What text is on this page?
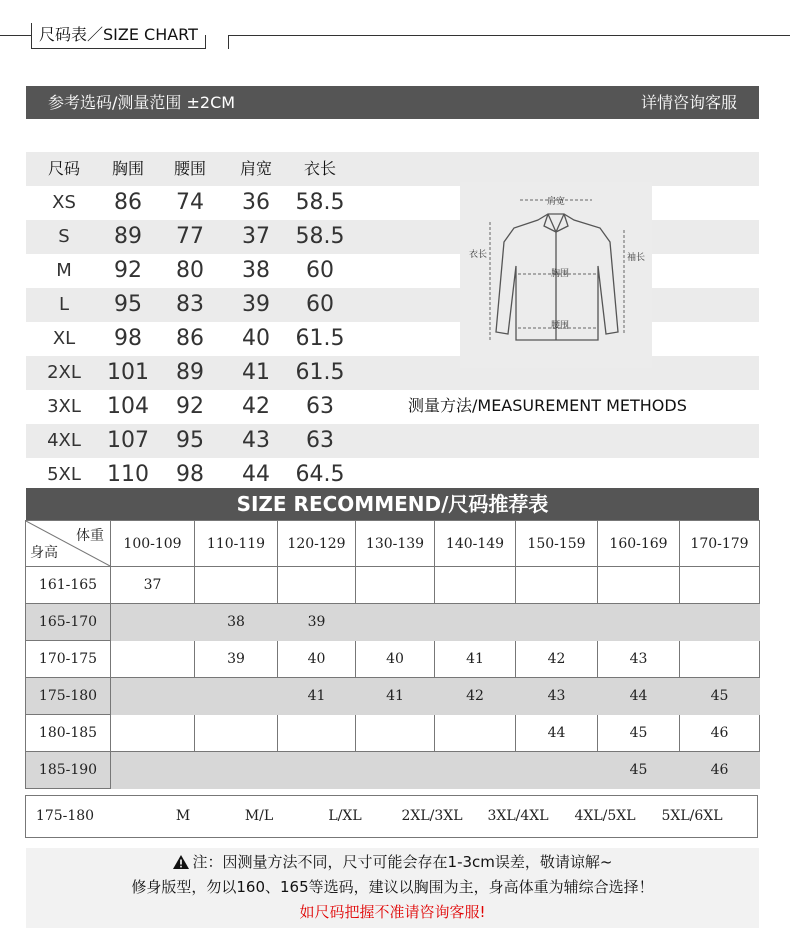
尺码表／SIZE CHART
参考选码/测量范围 ±2CM	详情咨询客服
尺码	胸围	腰围	肩宽	衣长
XS	86	74	36	58.5
S	89	77	37	58.5
M	92	80	38	60
L	95	83	39	60
XL	98	86	40	61.5
2XL	101	89	41	61.5
3XL	104	92	42	63
4XL	107	95	43	63
5XL	110	98	44	64.5
肩宽
衣长	袖长
胸围
腰围
测量方法/MEASUREMENT METHODS
SIZE RECOMMEND/尺码推荐表
体重
身高	100-109	110-119	120-129	130-139	140-149	150-159	160-169	170-179
161-165	37							
165-170		38	39					
170-175		39	40	40	41	42	43	
175-180			41	41	42	43	44	45
180-185						44	45	46
185-190							45	46
175-180	M	M/L	L/XL	2XL/3XL	3XL/4XL	4XL/5XL	5XL/6XL
注：因测量方法不同，尺寸可能会存在1-3cm误差，敬请谅解~
修身版型，勿以160、165等选码，建议以胸围为主，身高体重为辅综合选择！
如尺码把握不准请咨询客服!
